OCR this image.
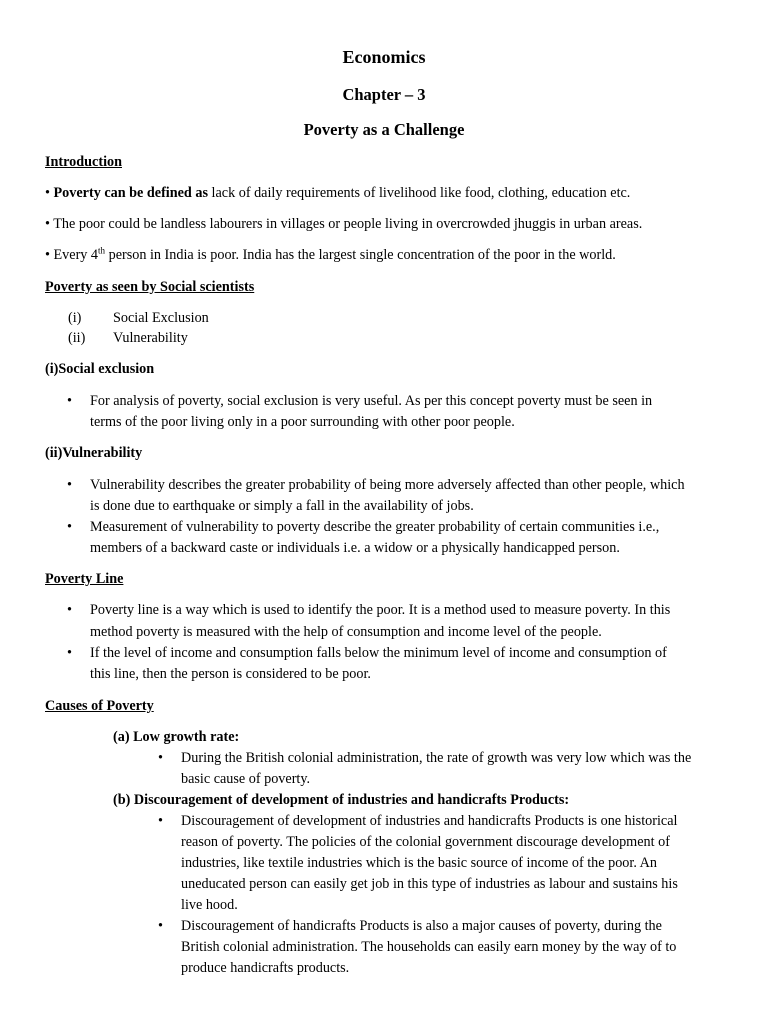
Economics
Chapter – 3
Poverty as a Challenge
Introduction
• Poverty can be defined as lack of daily requirements of livelihood like food, clothing, education etc.
• The poor could be landless labourers in villages or people living in overcrowded jhuggis in urban areas.
• Every 4th person in India is poor. India has the largest single concentration of the poor in the world.
Poverty as seen by Social scientists
(i) Social Exclusion
(ii) Vulnerability
(i)Social exclusion
• For analysis of poverty, social exclusion is very useful. As per this concept poverty must be seen in
terms of the poor living only in a poor surrounding with other poor people.
(ii)Vulnerability
• Vulnerability describes the greater probability of being more adversely affected than other people, which
is done due to earthquake or simply a fall in the availability of jobs.
• Measurement of vulnerability to poverty describe the greater probability of certain communities i.e.,
members of a backward caste or individuals i.e. a widow or a physically handicapped person.
Poverty Line
• Poverty line is a way which is used to identify the poor. It is a method used to measure poverty. In this
method poverty is measured with the help of consumption and income level of the people.
• If the level of income and consumption falls below the minimum level of income and consumption of
this line, then the person is considered to be poor.
Causes of Poverty
(a) Low growth rate:
• During the British colonial administration, the rate of growth was very low which was the
basic cause of poverty.
(b) Discouragement of development of industries and handicrafts Products:
• Discouragement of development of industries and handicrafts Products is one historical
reason of poverty. The policies of the colonial government discourage development of
industries, like textile industries which is the basic source of income of the poor. An
uneducated person can easily get job in this type of industries as labour and sustains his
live hood.
• Discouragement of handicrafts Products is also a major causes of poverty, during the
British colonial administration. The households can easily earn money by the way of to
produce handicrafts products.
